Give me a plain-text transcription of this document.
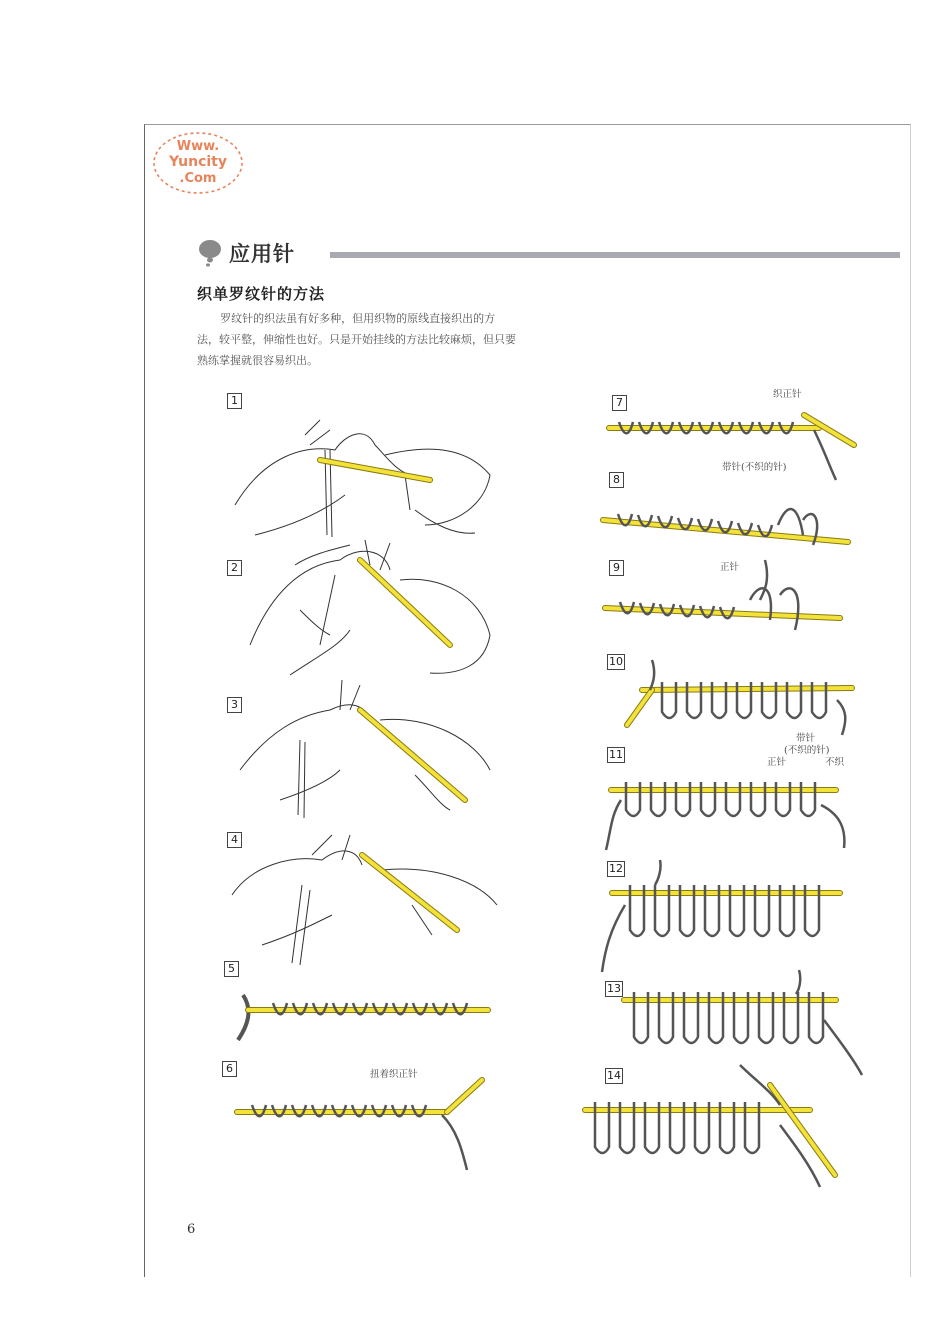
Www.
Yuncity
.Com
应用针
织单罗纹针的方法

罗纹针的织法虽有好多种，但用织物的原线直接织出的方

法，较平整，伸缩性也好。只是开始挂线的方法比较麻烦，但只要

熟练掌握就很容易织出。

1
2
3
4
5
6	扭着织正针
7
织正针
8
带针(不织的针)
9	正针
10
11
带针
(不织的针)
正针	不织
12
13
14
6
